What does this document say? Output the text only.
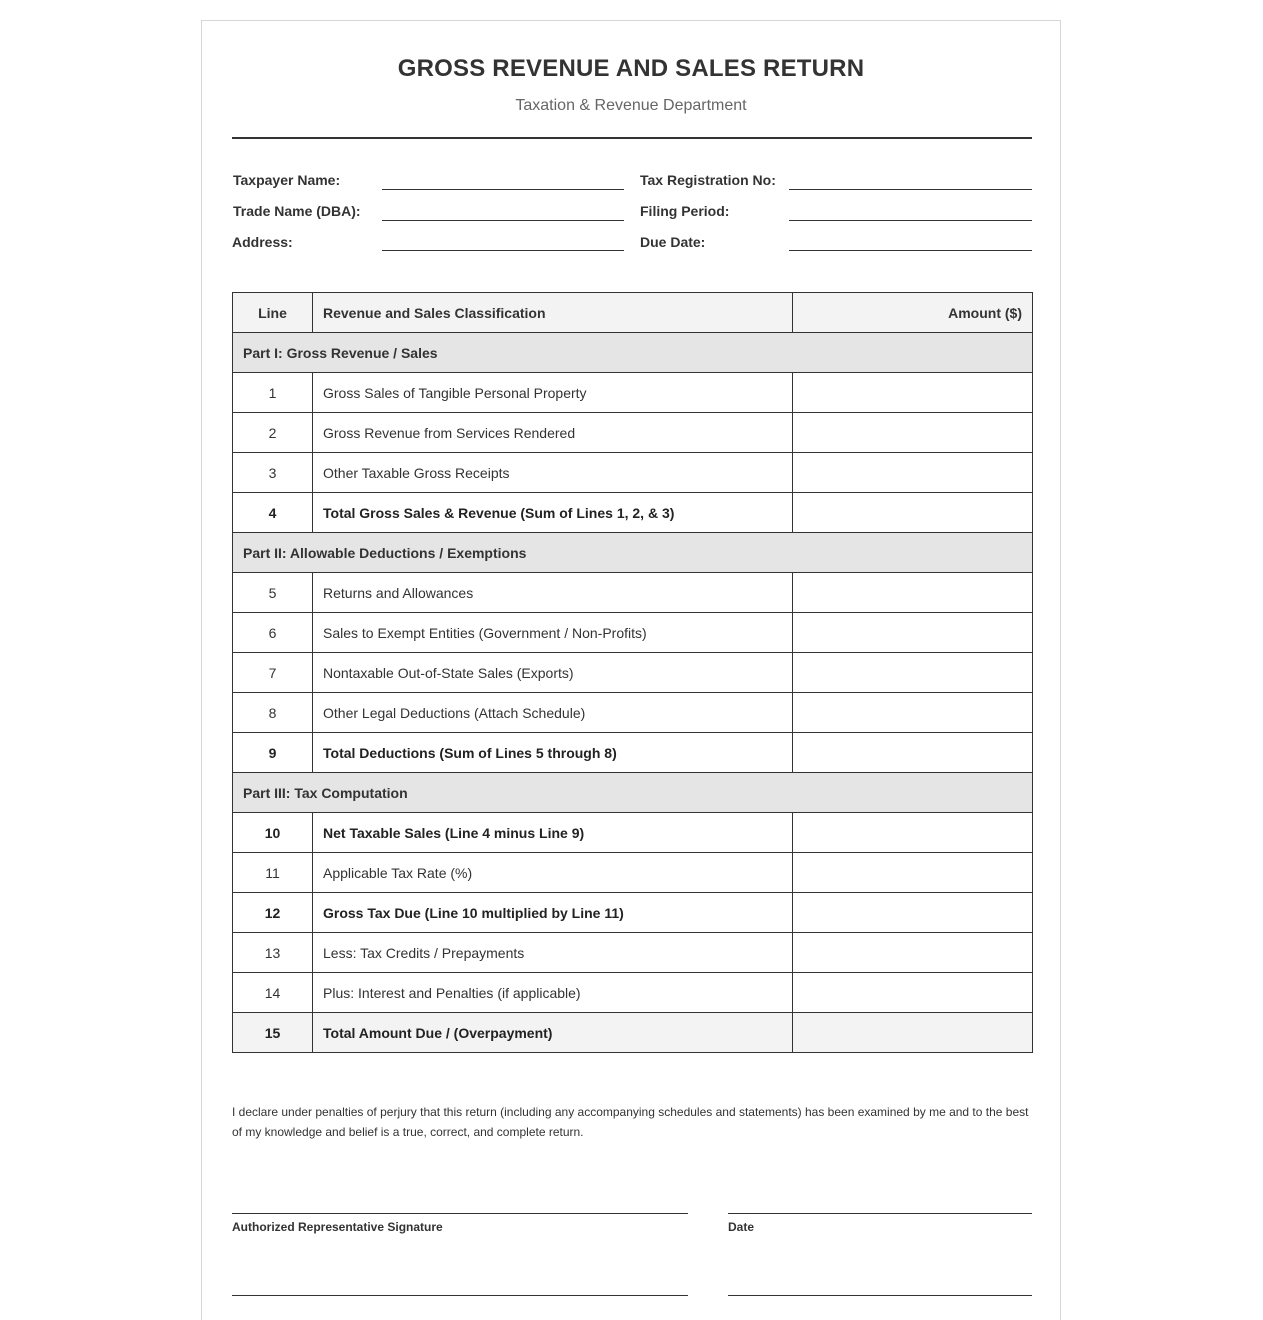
GROSS REVENUE AND SALES RETURN
Taxation & Revenue Department
Taxpayer Name:
Trade Name (DBA):
Address:
Tax Registration No:
Filing Period:
Due Date:
Line	Revenue and Sales Classification	Amount ($)
Part I: Gross Revenue / Sales		
1	Gross Sales of Tangible Personal Property	
2	Gross Revenue from Services Rendered	
3	Other Taxable Gross Receipts	
4	Total Gross Sales & Revenue (Sum of Lines 1, 2, & 3)	
Part II: Allowable Deductions / Exemptions		
5	Returns and Allowances	
6	Sales to Exempt Entities (Government / Non-Profits)	
7	Nontaxable Out-of-State Sales (Exports)	
8	Other Legal Deductions (Attach Schedule)	
9	Total Deductions (Sum of Lines 5 through 8)	
Part III: Tax Computation		
10	Net Taxable Sales (Line 4 minus Line 9)	
11	Applicable Tax Rate (%)	
12	Gross Tax Due (Line 10 multiplied by Line 11)	
13	Less: Tax Credits / Prepayments	
14	Plus: Interest and Penalties (if applicable)	
15	Total Amount Due / (Overpayment)	
I declare under penalties of perjury that this return (including any accompanying schedules and statements) has been examined by me and to the best of my knowledge and belief is a true, correct, and complete return.
Authorized Representative Signature	Date
